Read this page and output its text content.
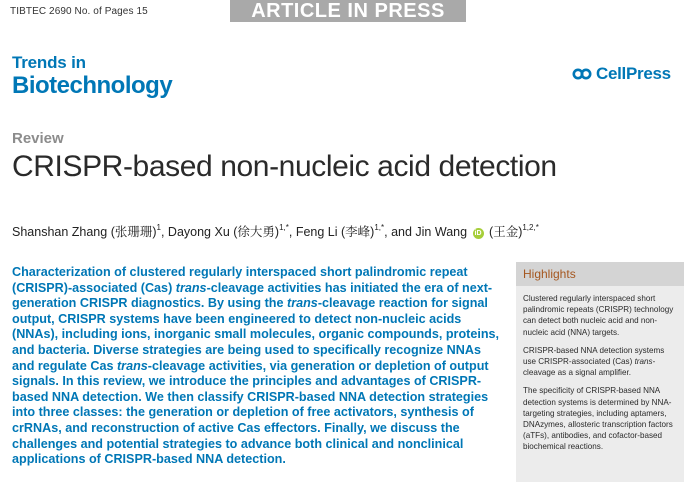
TIBTEC 2690 No. of Pages 15	ARTICLE IN PRESS
Trends in
Biotechnology	CellPress
Review
CRISPR-based non-nucleic acid detection
Shanshan Zhang (张珊珊)$^1$, Dayong Xu (徐大勇)$^{1,*}$, Feng Li (李峰)$^{1,*}$, and Jin Wang iD (王金)$^{1,2,*}$

Characterization of clustered regularly interspaced short palindromic repeat (CRISPR)-associated (Cas) trans-cleavage activities has initiated the era of next-generation CRISPR diagnostics. By using the trans-cleavage reaction for signal output, CRISPR systems have been engineered to detect non-nucleic acids (NNAs), including ions, inorganic small molecules, organic compounds, proteins, and bacteria. Diverse strategies are being used to specifically recognize NNAs and regulate Cas trans-cleavage activities, via generation or depletion of output signals. In this review, we introduce the principles and advantages of CRISPR-based NNA detection. We then classify CRISPR-based NNA detection strategies into three classes: the generation or depletion of free activators, synthesis of crRNAs, and reconstruction of active Cas effectors. Finally, we discuss the challenges and potential strategies to advance both clinical and nonclinical applications of CRISPR-based NNA detection.

Highlights

Clustered regularly interspaced short palindromic repeats (CRISPR) technology can detect both nucleic acid and non-nucleic acid (NNA) targets.

CRISPR-based NNA detection systems use CRISPR-associated (Cas) trans-cleavage as a signal amplifier.

The specificity of CRISPR-based NNA detection systems is determined by NNA-targeting strategies, including aptamers, DNAzymes, allosteric transcription factors (aTFs), antibodies, and cofactor-based biochemical reactions.
